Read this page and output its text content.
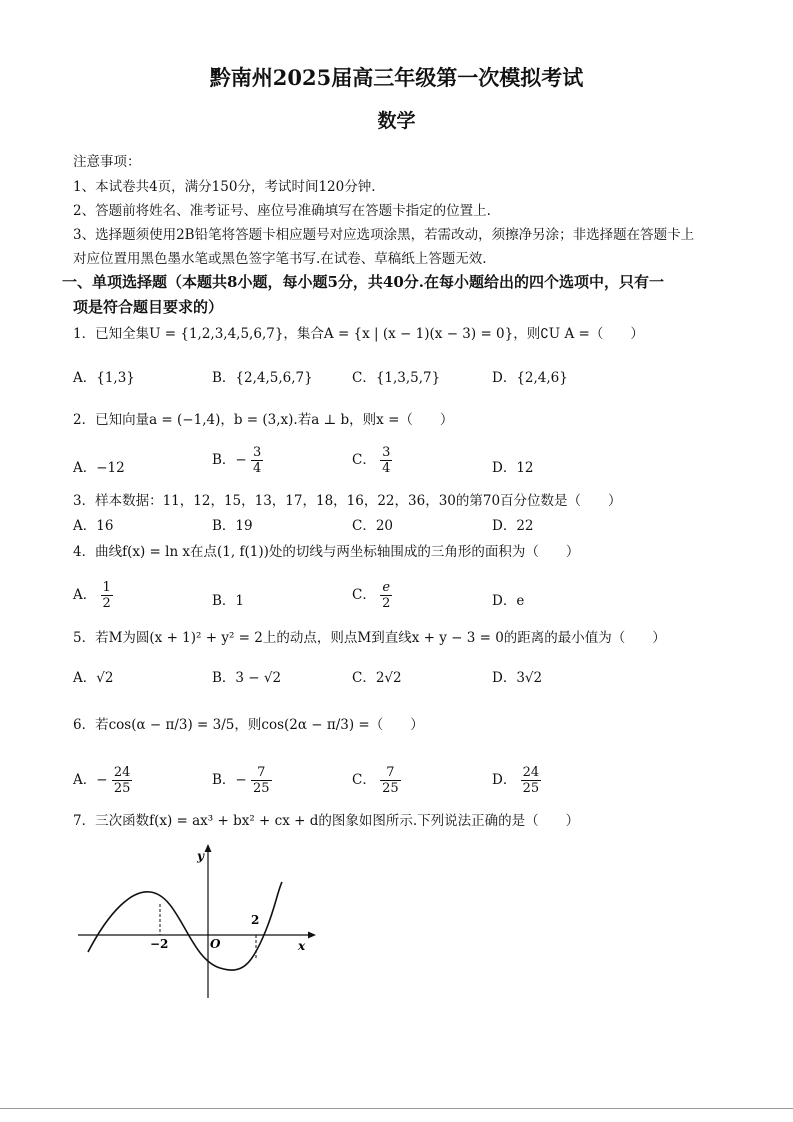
黔南州2025届高三年级第一次模拟考试
数学
注意事项：
1、本试卷共4页，满分150分，考试时间120分钟.
2、答题前将姓名、准考证号、座位号准确填写在答题卡指定的位置上.
3、选择题须使用2B铅笔将答题卡相应题号对应选项涂黑，若需改动，须擦净另涂；非选择题在答题卡上
对应位置用黑色墨水笔或黑色签字笔书写.在试卷、草稿纸上答题无效.
一、单项选择题（本题共8小题，每小题5分，共40分.在每小题给出的四个选项中，只有一
项是符合题目要求的）
1．已知全集U = {1,2,3,4,5,6,7}，集合A = {x | (x − 1)(x − 3) = 0}，则∁U A =（　　）
A．{1,3}	B．{2,4,5,6,7}	C．{1,3,5,7}	D．{2,4,6}
2．已知向量a = (−1,4)，b = (3,x).若a ⊥ b，则x =（　　）
A．−12	B．− $\frac{3}{4}$	C． $\frac{3}{4}$	D．12
3．样本数据：11，12，15，13，17，18，16，22，36，30的第70百分位数是（　　）
A．16	B．19	C．20	D．22
4．曲线f(x) = ln x在点(1, f(1))处的切线与两坐标轴围成的三角形的面积为（　　）
A． $\frac{1}{2}$	B．1	C． $\frac{e}{2}$	D．e
5．若M为圆(x + 1)² + y² = 2上的动点，则点M到直线x + y − 3 = 0的距离的最小值为（　　）
A．√2	B．3 − √2	C．2√2	D．3√2
6．若cos(α − π/3) = 3/5，则cos(2α − π/3) =（　　）
A．− $\frac{24}{25}$	B．− $\frac{7}{25}$	C． $\frac{7}{25}$	D． $\frac{24}{25}$
7．三次函数f(x) = ax³ + bx² + cx + d的图象如图所示.下列说法正确的是（　　）
y
x
O
−2
2
